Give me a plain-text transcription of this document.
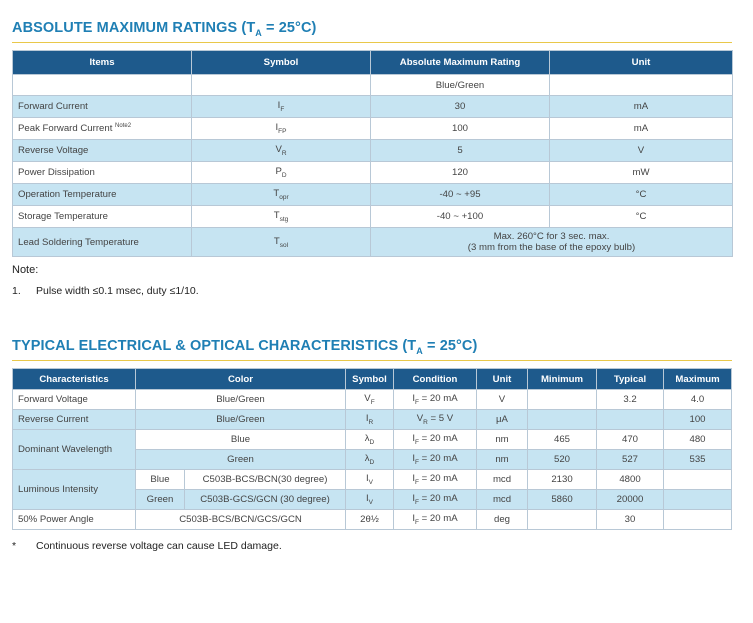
ABSOLUTE MAXIMUM RATINGS $(T_A = 25^\circ C)$
Items	Symbol	Absolute Maximum Rating	Unit
		Blue/Green	
Forward Current	$I_F$	30	mA
Peak Forward Current $^{Note2}$	$I_{FP}$	100	mA
Reverse Voltage	$V_R$	5	V
Power Dissipation	$P_D$	120	mW
Operation Temperature	$T_{opr}$	-40 ~ +95	°C
Storage Temperature	$T_{stg}$	-40 ~ +100	°C
Lead Soldering Temperature	$T_{sol}$	Max. 260°C for 3 sec. max.
(3 mm from the base of the epoxy bulb)	

Note:

1. Pulse width ≤0.1 msec, duty ≤1/10.

TYPICAL ELECTRICAL & OPTICAL CHARACTERISTICS $(T_A = 25^\circ C)$
Characteristics	Color		Symbol	Condition	Unit	Minimum	Typical	Maximum
Forward Voltage	Blue/Green		$V_F$	$I_F = 20$ mA	V		3.2	4.0
Reverse Current	Blue/Green		$I_R$	$V_R = 5$ V	μA			100
Dominant Wavelength	Blue		$\lambda_D$	$I_F = 20$ mA	nm	465	470	480
	Green		$\lambda_D$	$I_F = 20$ mA	nm	520	527	535
Luminous Intensity	Blue	C503B-BCS/BCN(30 degree)	$I_V$	$I_F = 20$ mA	mcd	2130	4800	
	Green	C503B-GCS/GCN (30 degree)	$I_V$	$I_F = 20$ mA	mcd	5860	20000	
50% Power Angle	C503B-BCS/BCN/GCS/GCN		2θ½	$I_F = 20$ mA	deg		30	

* Continuous reverse voltage can cause LED damage.
